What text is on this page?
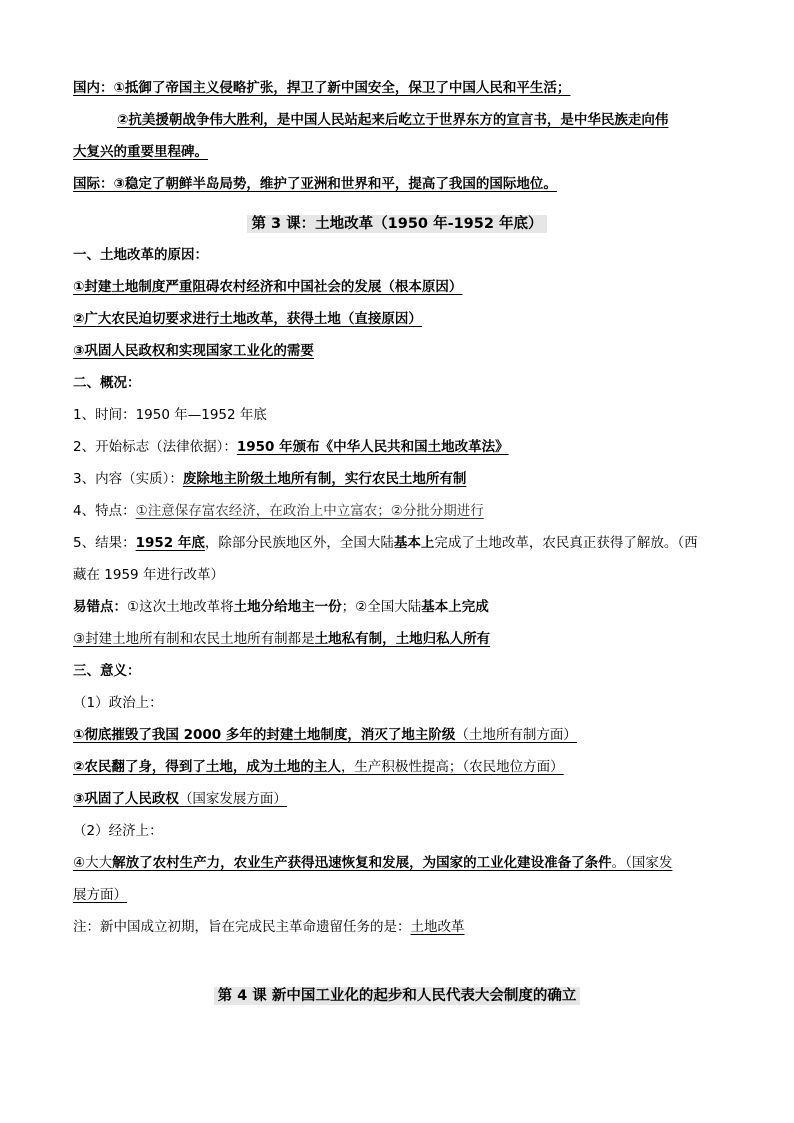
国内：①抵御了帝国主义侵略扩张，捍卫了新中国安全，保卫了中国人民和平生活；
②抗美援朝战争伟大胜利，是中国人民站起来后屹立于世界东方的宣言书，是中华民族走向伟
大复兴的重要里程碑。
国际：③稳定了朝鲜半岛局势，维护了亚洲和世界和平，提高了我国的国际地位。
第 3 课：土地改革（1950 年-1952 年底）
一、土地改革的原因：
①封建土地制度严重阻碍农村经济和中国社会的发展（根本原因）
②广大农民迫切要求进行土地改革，获得土地（直接原因）
③巩固人民政权和实现国家工业化的需要
二、概况：
1、时间：1950 年—1952 年底
2、开始标志（法律依据）：1950 年颁布《中华人民共和国土地改革法》
3、内容（实质）：废除地主阶级土地所有制，实行农民土地所有制
4、特点：①注意保存富农经济，在政治上中立富农；②分批分期进行
5、结果：1952 年底，除部分民族地区外，全国大陆基本上完成了土地改革，农民真正获得了解放。（西
藏在 1959 年进行改革）
易错点：①这次土地改革将土地分给地主一份；②全国大陆基本上完成
③封建土地所有制和农民土地所有制都是土地私有制，土地归私人所有
三、意义：
（1）政治上：
①彻底摧毁了我国 2000 多年的封建土地制度，消灭了地主阶级（土地所有制方面）
②农民翻了身，得到了土地，成为土地的主人，生产积极性提高；（农民地位方面）
③巩固了人民政权（国家发展方面）
（2）经济上：
④大大解放了农村生产力，农业生产获得迅速恢复和发展，为国家的工业化建设准备了条件。（国家发
展方面）
注：新中国成立初期，旨在完成民主革命遗留任务的是：土地改革
第 4 课 新中国工业化的起步和人民代表大会制度的确立
